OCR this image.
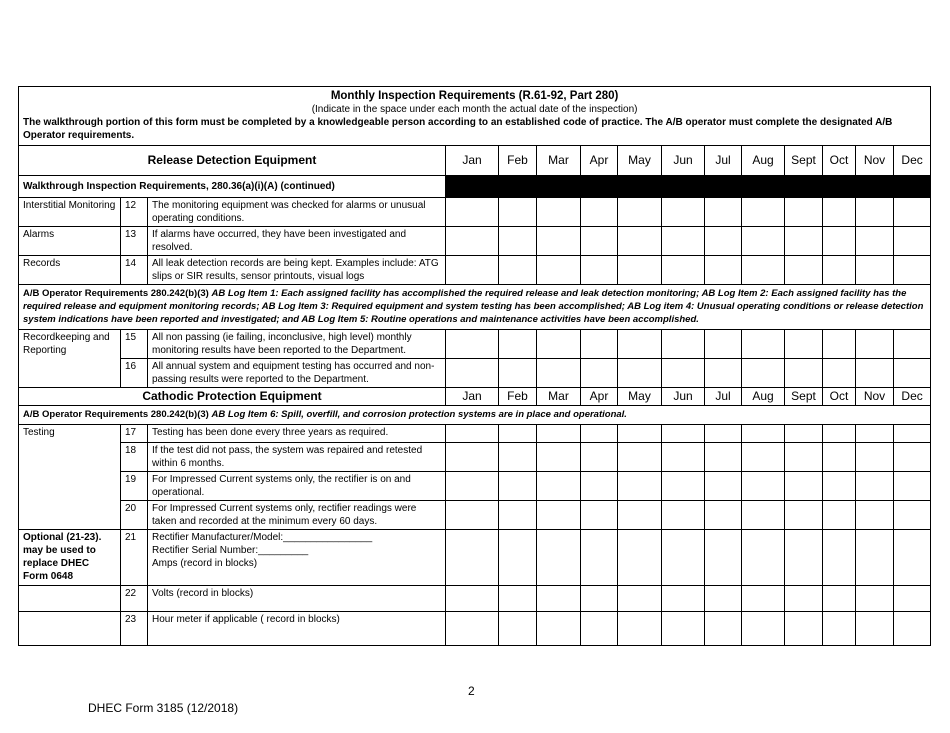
Monthly Inspection Requirements (R.61-92, Part 280)
(Indicate in the space under each month the actual date of the inspection)
The walkthrough portion of this form must be completed by a knowledgeable person according to an established code of practice. The A/B operator must complete the designated A/B Operator requirements.														

Release Detection Equipment			Jan	Feb	Mar	Apr	May	Jun	Jul	Aug	Sept	Oct	Nov	Dec
Walkthrough Inspection Requirements, 280.36(a)(i)(A) (continued)														
Interstitial Monitoring	12	The monitoring equipment was checked for alarms or unusual operating conditions.												
Alarms	13	If alarms have occurred, they have been investigated and resolved.												
Records	14	All leak detection records are being kept. Examples include: ATG slips or SIR results, sensor printouts, visual logs												
A/B Operator Requirements 280.242(b)(3) AB Log Item 1: Each assigned facility has accomplished the required release and leak detection monitoring; AB Log Item 2: Each assigned facility has the required release and equipment monitoring records; AB Log Item 3: Required equipment and system testing has been accomplished; AB Log item 4: Unusual operating conditions or release detection system indications have been reported and investigated; and AB Log Item 5: Routine operations and maintenance activities have been accomplished.														
Recordkeeping and Reporting	15	All non passing (ie failing, inconclusive, high level) monthly monitoring results have been reported to the Department.												
	16	All annual system and equipment testing has occurred and non-passing results were reported to the Department.												
Cathodic Protection Equipment			Jan	Feb	Mar	Apr	May	Jun	Jul	Aug	Sept	Oct	Nov	Dec
A/B Operator Requirements 280.242(b)(3) AB Log Item 6: Spill, overfill, and corrosion protection systems are in place and operational.														
Testing	17	Testing has been done every three years as required.												
	18	If the test did not pass, the system was repaired and retested within 6 months.												
	19	For Impressed Current systems only, the rectifier is on and operational.												
	20	For Impressed Current systems only, rectifier readings were taken and recorded at the minimum every 60 days.												
Optional (21-23). may be used to replace DHEC Form 0648	21	Rectifier Manufacturer/Model:________________
Rectifier Serial Number:_________
Amps (record in blocks)												

	22	Volts (record in blocks)												
	23	Hour meter if applicable ( record in blocks)												
2
DHEC Form 3185 (12/2018)
